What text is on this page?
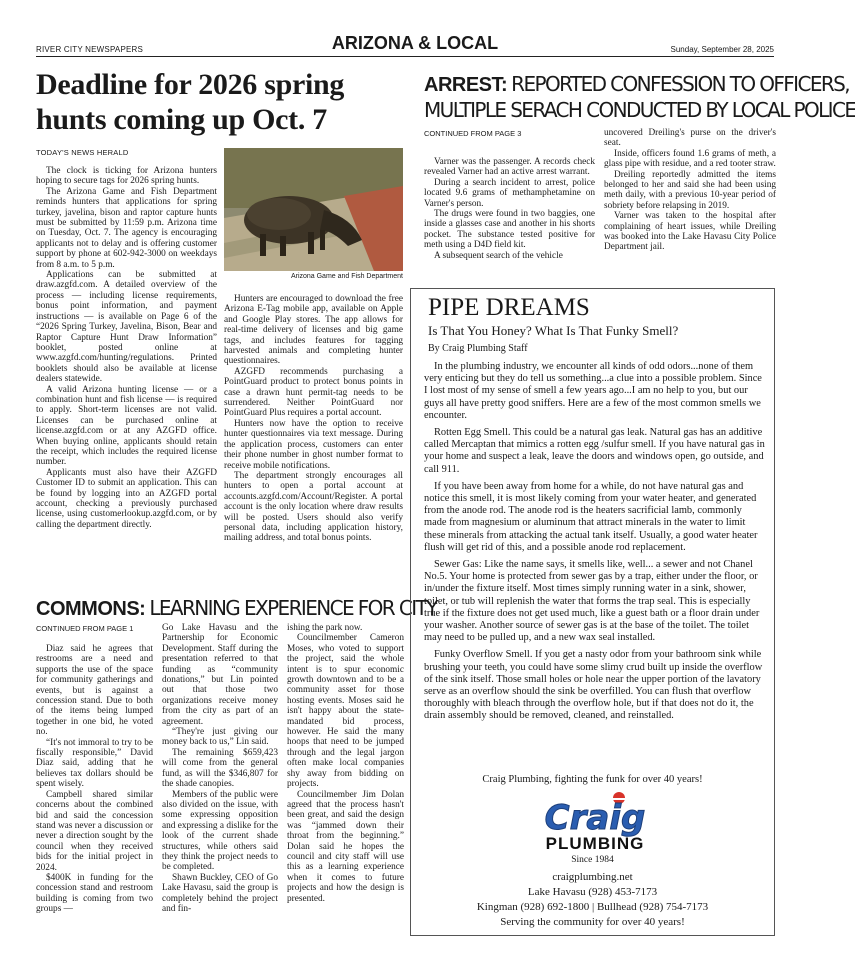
RIVER CITY NEWSPAPERS	ARIZONA & LOCAL	Sunday, September 28, 2025
Deadline for 2026 spring hunts coming up Oct. 7
TODAY'S NEWS HERALD

The clock is ticking for Arizona hunters hoping to secure tags for 2026 spring hunts.

The Arizona Game and Fish Department reminds hunters that applications for spring turkey, javelina, bison and raptor capture hunts must be submitted by 11:59 p.m. Arizona time on Tuesday, Oct. 7. The agency is encouraging applicants not to delay and is offering customer support by phone at 602-942-3000 on weekdays from 8 a.m. to 5 p.m.

Applications can be submitted at draw.azgfd.com. A detailed overview of the process — including license requirements, bonus point information, and payment instructions — is available on Page 6 of the “2026 Spring Turkey, Javelina, Bison, Bear and Raptor Capture Hunt Draw Information” booklet, posted online at www.azgfd.com/hunting/regulations. Printed booklets should also be available at license dealers statewide.

A valid Arizona hunting license — or a combination hunt and fish license — is required to apply. Short-term licenses are not valid. Licenses can be purchased online at license.azgfd.com or at any AZGFD office. When buying online, applicants should retain the receipt, which includes the required license number.

Applicants must also have their AZGFD Customer ID to submit an application. This can be found by logging into an AZGFD portal account, checking a previously purchased license, using customerlookup.azgfd.com, or by calling the department directly.

Arizona Game and Fish Department

Hunters are encouraged to download the free Arizona E-Tag mobile app, available on Apple and Google Play stores. The app allows for real-time delivery of licenses and big game tags, and includes features for tagging harvested animals and completing hunter questionnaires.

AZGFD recommends purchasing a PointGuard product to protect bonus points in case a drawn hunt permit-tag needs to be surrendered. Neither PointGuard nor PointGuard Plus requires a portal account.

Hunters now have the option to receive hunter questionnaires via text message. During the application process, customers can enter their phone number in ghost number format to receive mobile notifications.

The department strongly encourages all hunters to open a portal account at accounts.azgfd.com/Account/Register. A portal account is the only location where draw results will be posted. Users should also verify personal data, including application history, mailing address, and total bonus points.

ARREST: REPORTED CONFESSION TO OFFICERS,
MULTIPLE SERACH CONDUCTED BY LOCAL POLICE
CONTINUED FROM PAGE 3

Varner was the passenger. A records check revealed Varner had an active arrest warrant.

During a search incident to arrest, police located 9.6 grams of methamphetamine on Varner's person.

The drugs were found in two baggies, one inside a glasses case and another in his shorts pocket. The substance tested positive for meth using a D4D field kit.

A subsequent search of the vehicle

uncovered Dreiling's purse on the driver's seat.

Inside, officers found 1.6 grams of meth, a glass pipe with residue, and a red tooter straw.

Dreiling reportedly admitted the items belonged to her and said she had been using meth daily, with a previous 10-year period of sobriety before relapsing in 2019.

Varner was taken to the hospital after complaining of heart issues, while Dreiling was booked into the Lake Havasu City Police Department jail.

COMMONS: LEARNING EXPERIENCE FOR CITY
CONTINUED FROM PAGE 1

Diaz said he agrees that restrooms are a need and supports the use of the space for community gatherings and events, but is against a concession stand. Due to both of the items being lumped together in one bid, he voted no.

“It's not immoral to try to be fiscally responsible,” David Diaz said, adding that he believes tax dollars should be spent wisely.

Campbell shared similar concerns about the combined bid and said the concession stand was never a discussion or never a direction sought by the council when they received bids for the initial project in 2024.

$400K in funding for the concession stand and restroom building is coming from two groups —

Go Lake Havasu and the Partnership for Economic Development. Staff during the presentation referred to that funding as “community donations,” but Lin pointed out that those two organizations receive money from the city as part of an agreement.

“They're just giving our money back to us,” Lin said.

The remaining $659,423 will come from the general fund, as will the $346,807 for the shade canopies.

Members of the public were also divided on the issue, with some expressing opposition and expressing a dislike for the look of the current shade structures, while others said they think the project needs to be completed.

Shawn Buckley, CEO of Go Lake Havasu, said the group is completely behind the project and fin-

ishing the park now.

Councilmember Cameron Moses, who voted to support the project, said the whole intent is to spur economic growth downtown and to be a community asset for those hosting events. Moses said he isn't happy about the state-mandated bid process, however. He said the many hoops that need to be jumped through and the legal jargon often make local companies shy away from bidding on projects.

Councilmember Jim Dolan agreed that the process hasn't been great, and said the design was “jammed down their throat from the beginning.” Dolan said he hopes the council and city staff will use this as a learning experience when it comes to future projects and how the design is presented.

PIPE DREAMS
Is That You Honey? What Is That Funky Smell?
By Craig Plumbing Staff

In the plumbing industry, we encounter all kinds of odd odors...none of them very enticing but they do tell us something...a clue into a possible problem. Since I lost most of my sense of smell a few years ago...I am no help to you, but our guys all have pretty good sniffers. Here are a few of the most common smells we encounter.

Rotten Egg Smell. This could be a natural gas leak. Natural gas has an additive called Mercaptan that mimics a rotten egg /sulfur smell. If you have natural gas in your home and suspect a leak, leave the doors and windows open, go outside, and call 911.

If you have been away from home for a while, do not have natural gas and notice this smell, it is most likely coming from your water heater, and generated from the anode rod. The anode rod is the heaters sacrificial lamb, commonly made from magnesium or aluminum that attract minerals in the water to limit these minerals from attacking the actual tank itself. Usually, a good water heater flush will get rid of this, and a possible anode rod replacement.

Sewer Gas: Like the name says, it smells like, well... a sewer and not Chanel No.5. Your home is protected from sewer gas by a trap, either under the floor, or in/under the fixture itself. Most times simply running water in a sink, shower, toilet, or tub will replenish the water that forms the trap seal. This is especially true if the fixture does not get used much, like a guest bath or a floor drain under your washer. Another source of sewer gas is at the base of the toilet. The toilet may need to be pulled up, and a new wax seal installed.

Funky Overflow Smell. If you get a nasty odor from your bathroom sink while brushing your teeth, you could have some slimy crud built up inside the overflow of the sink itself. Those small holes or hole near the upper portion of the lavatory serve as an overflow should the sink be overfilled. You can flush that overflow thoroughly with bleach through the overflow hole, but if that does not do it, the drain assembly should be removed, cleaned, and reinstalled.

Craig Plumbing, fighting the funk for over 40 years!
Craig
PLUMBING
Since 1984
craigplumbing.net
Lake Havasu (928) 453-7173
Kingman (928) 692-1800 | Bullhead (928) 754-7173
Serving the community for over 40 years!
